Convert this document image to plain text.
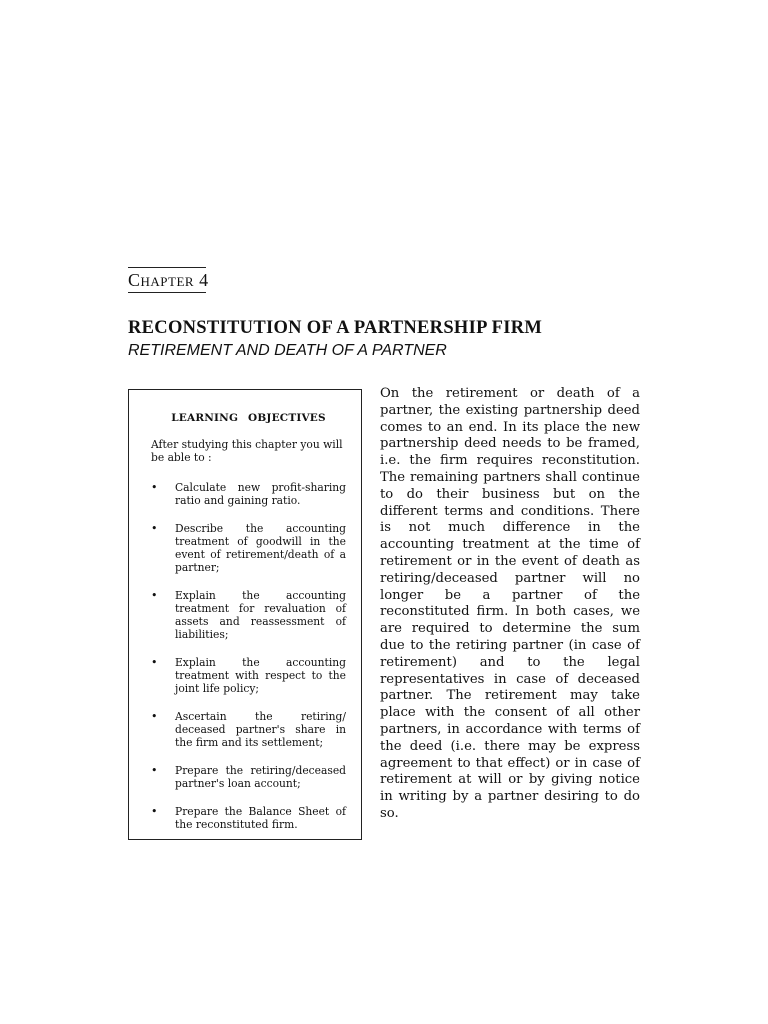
Chapter 4
RECONSTITUTION OF A PARTNERSHIP FIRM
RETIREMENT AND DEATH OF A PARTNER
LEARNING OBJECTIVES
After studying this chapter you will be able to :
• Calculate new profit-sharing ratio and gaining ratio.
• Describe the accounting treatment of goodwill in the event of retirement/death of a partner;
• Explain the accounting treatment for revaluation of assets and reassessment of liabilities;
• Explain the accounting treatment with respect to the joint life policy;
• Ascertain the retiring/ deceased partner's share in the firm and its settlement;
• Prepare the retiring/deceased partner's loan account;
• Prepare the Balance Sheet of the reconstituted firm.

On the retirement or death of a partner, the existing partnership deed comes to an end. In its place the new partnership deed needs to be framed, i.e. the firm requires reconstitution. The remaining partners shall continue to do their business but on the different terms and conditions. There is not much difference in the accounting treatment at the time of retirement or in the event of death as retiring/deceased partner will no longer be a partner of the reconstituted firm. In both cases, we are required to determine the sum due to the retiring partner (in case of retirement) and to the legal representatives in case of deceased partner. The retirement may take place with the consent of all other partners, in accordance with terms of the deed (i.e. there may be express agreement to that effect) or in case of retirement at will or by giving notice in writing by a partner desiring to do so.
